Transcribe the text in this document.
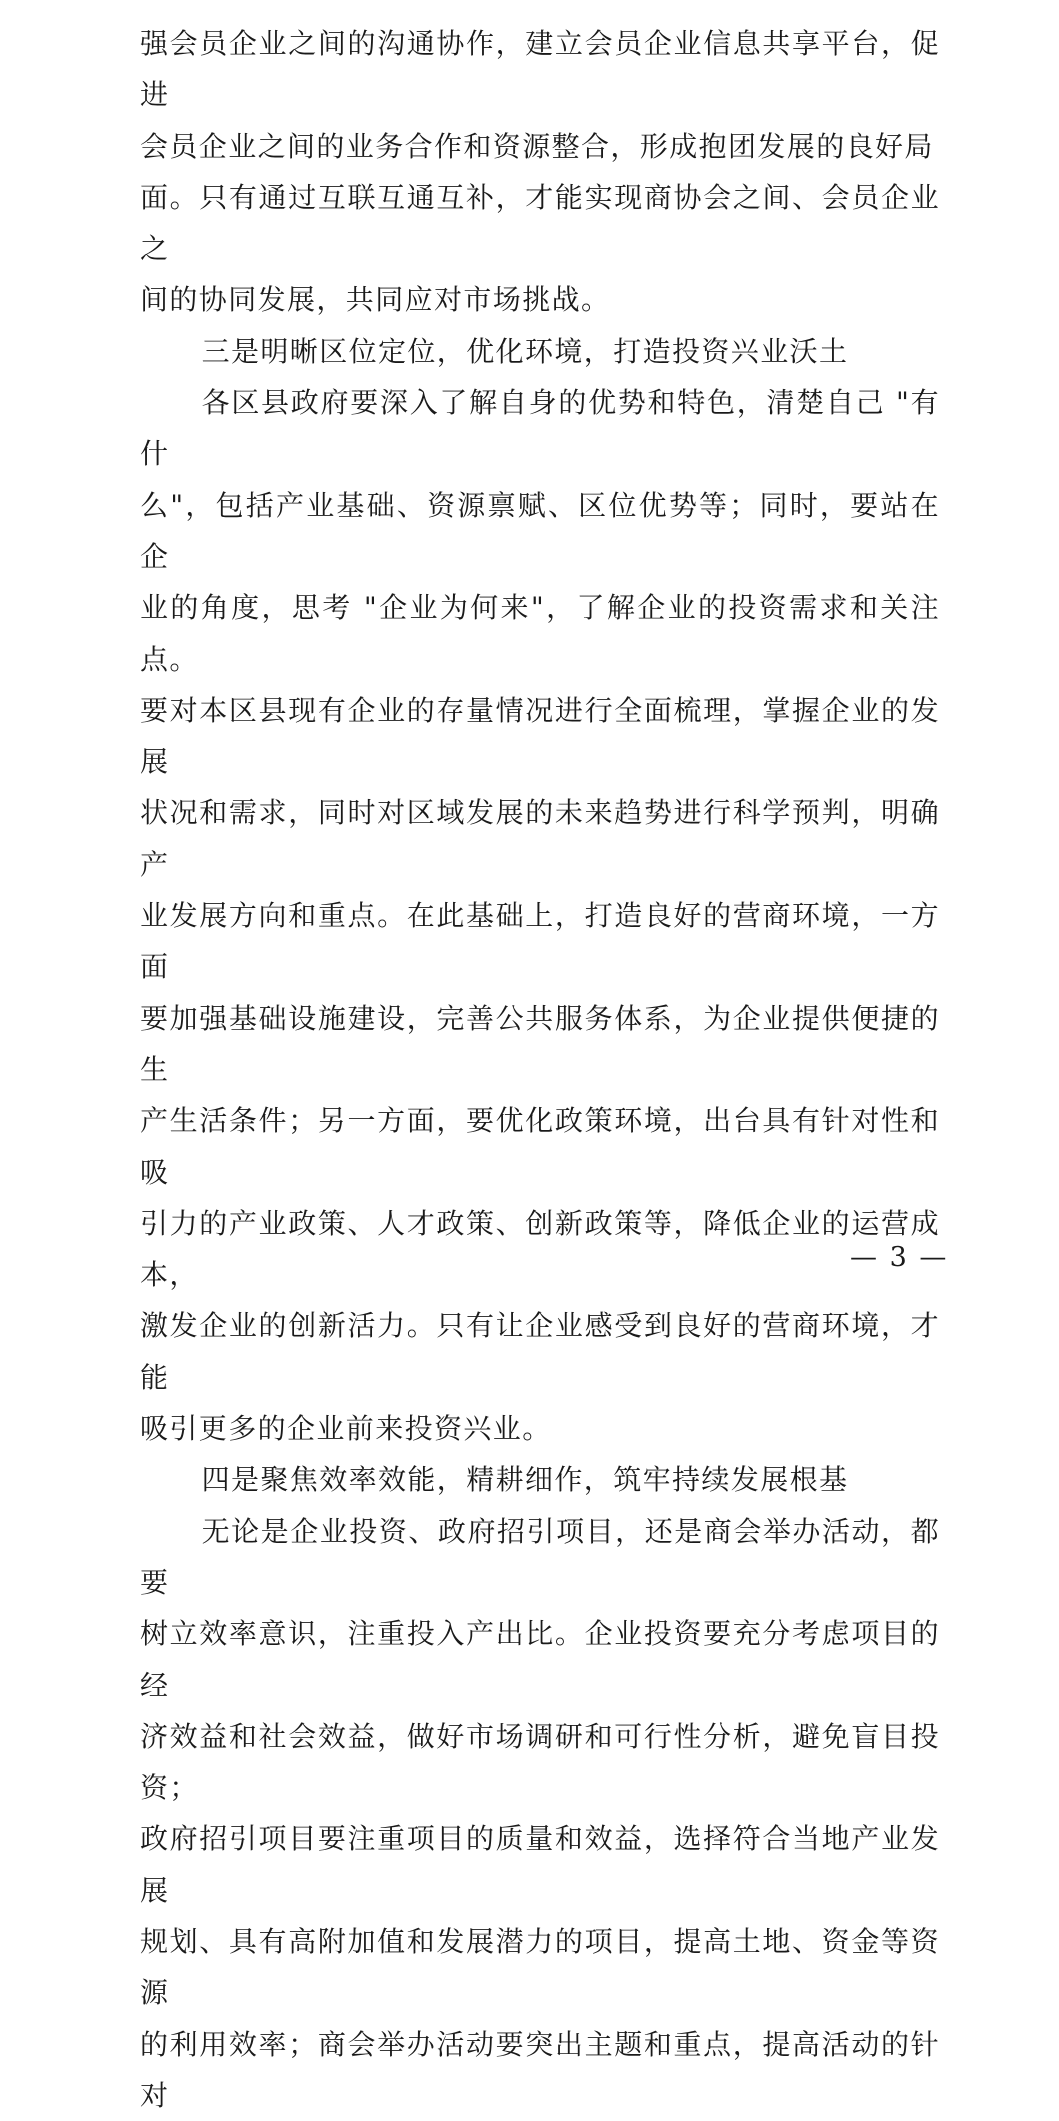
强会员企业之间的沟通协作，建立会员企业信息共享平台，促进
会员企业之间的业务合作和资源整合，形成抱团发展的良好局
面。只有通过互联互通互补，才能实现商协会之间、会员企业之
间的协同发展，共同应对市场挑战。

三是明晰区位定位，优化环境，打造投资兴业沃土

各区县政府要深入了解自身的优势和特色，清楚自己 "有什
么"，包括产业基础、资源禀赋、区位优势等；同时，要站在企
业的角度，思考 "企业为何来"，了解企业的投资需求和关注点。
要对本区县现有企业的存量情况进行全面梳理，掌握企业的发展
状况和需求，同时对区域发展的未来趋势进行科学预判，明确产
业发展方向和重点。在此基础上，打造良好的营商环境，一方面
要加强基础设施建设，完善公共服务体系，为企业提供便捷的生
产生活条件；另一方面，要优化政策环境，出台具有针对性和吸
引力的产业政策、人才政策、创新政策等，降低企业的运营成本，
激发企业的创新活力。只有让企业感受到良好的营商环境，才能
吸引更多的企业前来投资兴业。

四是聚焦效率效能，精耕细作，筑牢持续发展根基

无论是企业投资、政府招引项目，还是商会举办活动，都要
树立效率意识，注重投入产出比。企业投资要充分考虑项目的经
济效益和社会效益，做好市场调研和可行性分析，避免盲目投资；
政府招引项目要注重项目的质量和效益，选择符合当地产业发展
规划、具有高附加值和发展潜力的项目，提高土地、资金等资源
的利用效率；商会举办活动要突出主题和重点，提高活动的针对

— 3 —
